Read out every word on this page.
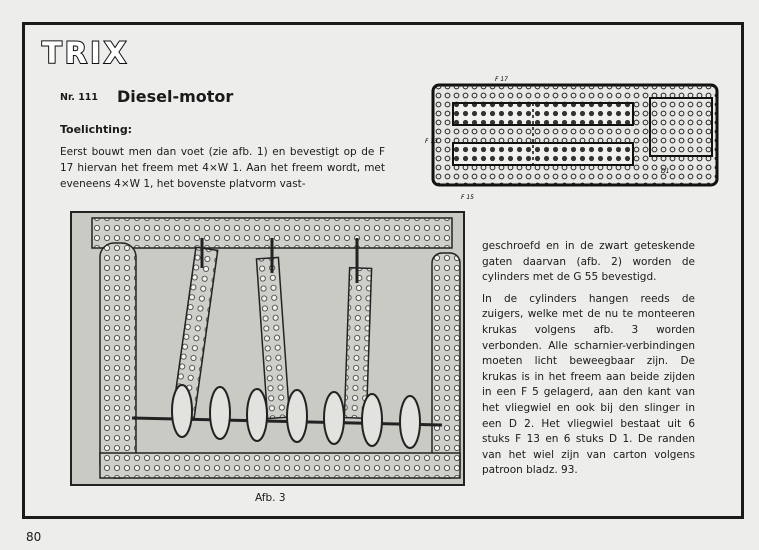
TRIX
Nr. 111 Diesel-motor
Toelichting:

Eerst bouwt men dan voet (zie afb. 1) en bevestigt op de F 17 hiervan het freem met 4×W 1. Aan het freem wordt, met eveneens 4×W 1, het bovenste platvorm vast-

F 17
F 13
D1
F 15
Afb. 3

geschroefd en in de zwart geteskende gaten daarvan (afb. 2) worden de cylinders met de G 55 bevestigd.

In de cylinders hangen reeds de zuigers, welke met de nu te monteeren krukas volgens afb. 3 worden verbonden. Alle scharnier-verbindingen moeten licht beweegbaar zijn. De krukas is in het freem aan beide zijden in een F 5 gelagerd, aan den kant van het vliegwiel en ook bij den slinger in een D 2. Het vliegwiel bestaat uit 6 stuks F 13 en 6 stuks D 1. De randen van het wiel zijn van carton volgens patroon bladz. 93.

80
